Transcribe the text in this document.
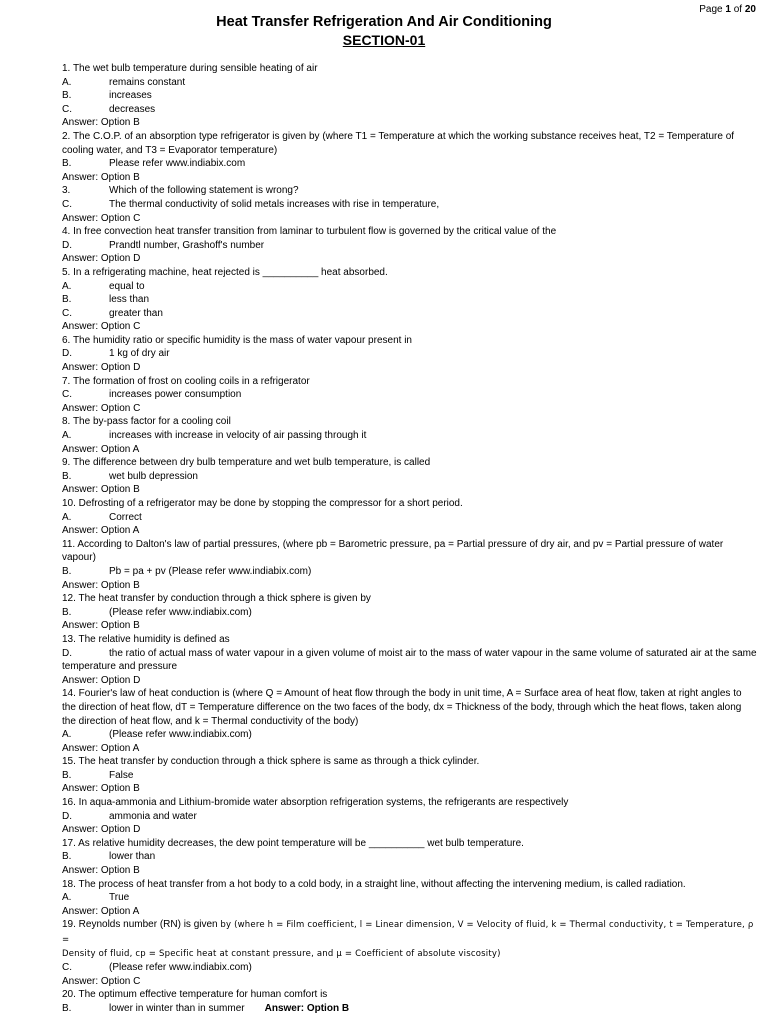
Page 1 of 20
Heat Transfer Refrigeration And Air Conditioning
SECTION-01
1. The wet bulb temperature during sensible heating of air
A.	remains constant
B.	increases
C.	decreases
Answer: Option B
2. The C.O.P. of an absorption type refrigerator is given by (where T1 = Temperature at which the working substance receives heat, T2 = Temperature of
cooling water, and T3 = Evaporator temperature)
B.	Please refer www.indiabix.com
Answer: Option B
3.	Which of the following statement is wrong?
C.	The thermal conductivity of solid metals increases with rise in temperature,
Answer: Option C
4. In free convection heat transfer transition from laminar to turbulent flow is governed by the critical value of the
D.	Prandtl number, Grashoff's number
Answer: Option D
5. In a refrigerating machine, heat rejected is __________ heat absorbed.
A.	equal to
B.	less than
C.	greater than
Answer: Option C
6. The humidity ratio or specific humidity is the mass of water vapour present in
D.	1 kg of dry air
Answer: Option D
7. The formation of frost on cooling coils in a refrigerator
C.	increases power consumption
Answer: Option C
8. The by-pass factor for a cooling coil
A.	increases with increase in velocity of air passing through it
Answer: Option A
9. The difference between dry bulb temperature and wet bulb temperature, is called
B.	wet bulb depression
Answer: Option B
10. Defrosting of a refrigerator may be done by stopping the compressor for a short period.
A.	Correct
Answer: Option A
11. According to Dalton's law of partial pressures, (where pb = Barometric pressure, pa = Partial pressure of dry air, and pv = Partial pressure of water
vapour)
B.	Pb = pa + pv (Please refer www.indiabix.com)
Answer: Option B
12. The heat transfer by conduction through a thick sphere is given by
B.	(Please refer www.indiabix.com)
Answer: Option B
13. The relative humidity is defined as
D.	the ratio of actual mass of water vapour in a given volume of moist air to the mass of water vapour in the same volume of saturated air at the same
temperature and pressure
Answer: Option D
14. Fourier's law of heat conduction is (where Q = Amount of heat flow through the body in unit time, A = Surface area of heat flow, taken at right angles to
the direction of heat flow, dT = Temperature difference on the two faces of the body, dx = Thickness of the body, through which the heat flows, taken along
the direction of heat flow, and k = Thermal conductivity of the body)
A.	(Please refer www.indiabix.com)
Answer: Option A
15. The heat transfer by conduction through a thick sphere is same as through a thick cylinder.
B.	False
Answer: Option B
16. In aqua-ammonia and Lithium-bromide water absorption refrigeration systems, the refrigerants are respectively
D.	ammonia and water
Answer: Option D
17. As relative humidity decreases, the dew point temperature will be __________ wet bulb temperature.
B.	lower than
Answer: Option B
18. The process of heat transfer from a hot body to a cold body, in a straight line, without affecting the intervening medium, is called radiation.
A.	True
Answer: Option A
19. Reynolds number (RN) is given by (where h = Film coefficient, l = Linear dimension, V = Velocity of fluid, k = Thermal conductivity, t = Temperature, ρ =
Density of fluid, cp = Specific heat at constant pressure, and μ = Coefficient of absolute viscosity)
C.	(Please refer www.indiabix.com)
Answer: Option C
20. The optimum effective temperature for human comfort is
B.	lower in winter than in summer Answer: Option B
